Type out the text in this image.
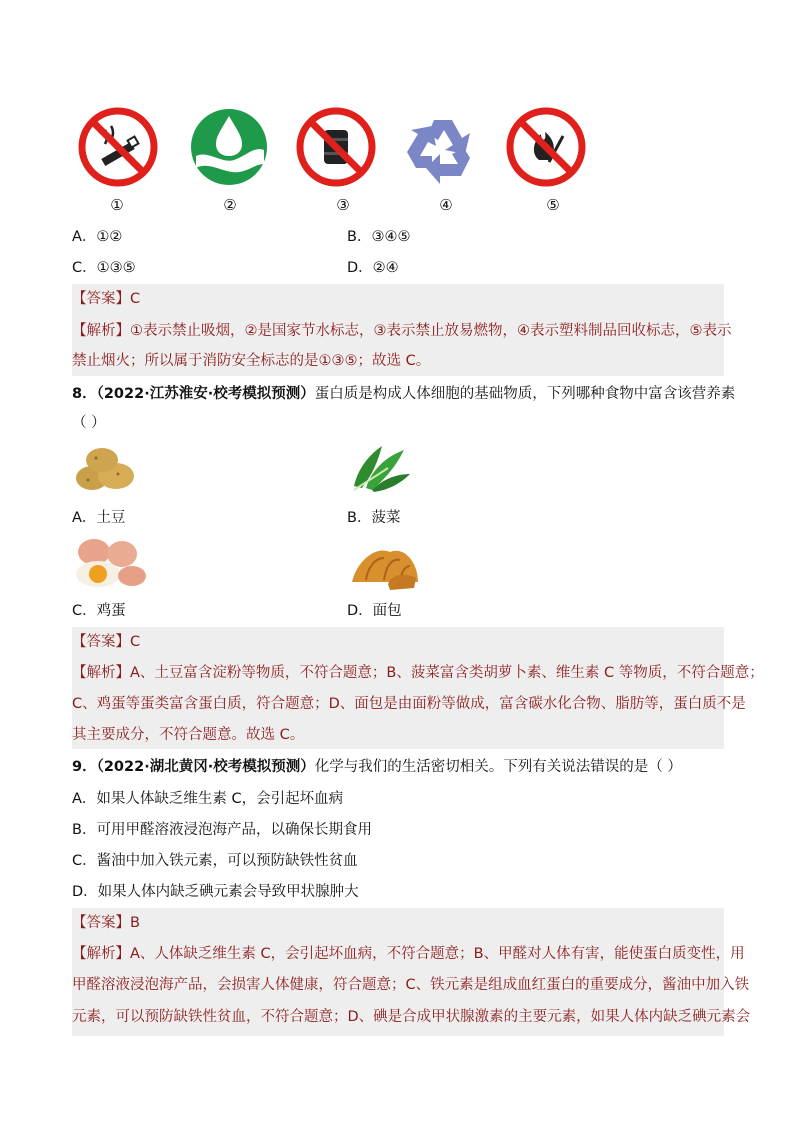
①	②	③	④	⑤
A．①②	B．③④⑤
C．①③⑤	D．②④
【答案】C
【解析】①表示禁止吸烟，②是国家节水标志，③表示禁止放易燃物，④表示塑料制品回收标志，⑤表示
禁止烟火；所以属于消防安全标志的是①③⑤；故选 C。
8．（2022·江苏淮安·校考模拟预测）蛋白质是构成人体细胞的基础物质，下列哪种食物中富含该营养素
（ ）
A．土豆	B．菠菜
C．鸡蛋	D．面包
【答案】C
【解析】A、土豆富含淀粉等物质，不符合题意；B、菠菜富含类胡萝卜素、维生素 C 等物质，不符合题意；
C、鸡蛋等蛋类富含蛋白质，符合题意；D、面包是由面粉等做成，富含碳水化合物、脂肪等，蛋白质不是
其主要成分，不符合题意。故选 C。
9．（2022·湖北黄冈·校考模拟预测）化学与我们的生活密切相关。下列有关说法错误的是（ ）
A．如果人体缺乏维生素 C，会引起坏血病
B．可用甲醛溶液浸泡海产品，以确保长期食用
C．酱油中加入铁元素，可以预防缺铁性贫血
D．如果人体内缺乏碘元素会导致甲状腺肿大
【答案】B
【解析】A、人体缺乏维生素 C，会引起坏血病，不符合题意；B、甲醛对人体有害，能使蛋白质变性，用
甲醛溶液浸泡海产品，会损害人体健康，符合题意；C、铁元素是组成血红蛋白的重要成分，酱油中加入铁
元素，可以预防缺铁性贫血，不符合题意；D、碘是合成甲状腺激素的主要元素，如果人体内缺乏碘元素会
